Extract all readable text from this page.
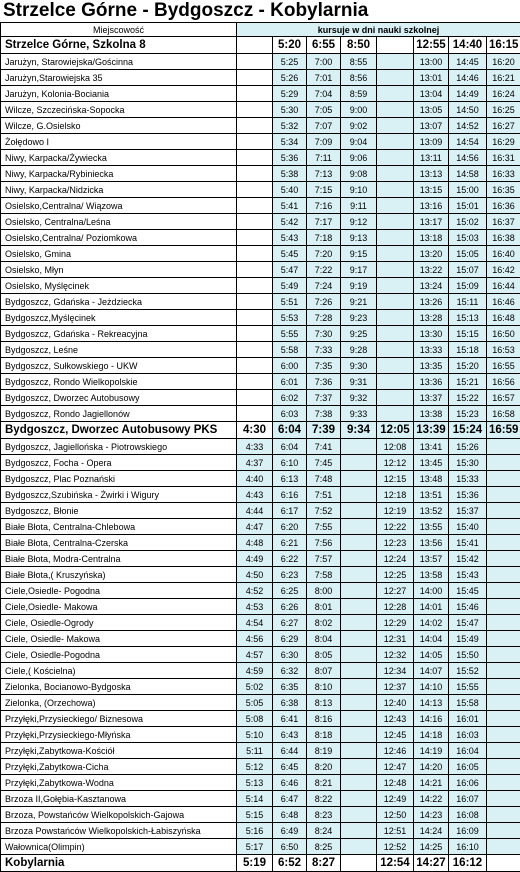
Strzelce Górne - Bydgoszcz - Kobylarnia
Miejscowość	kursuje w dni nauki szkolnej							
Strzelce Górne, Szkolna 8		5:20	6:55	8:50		12:55	14:40	16:15
Jarużyn, Starowiejska/Gościnna		5:25	7:00	8:55		13:00	14:45	16:20
Jarużyn,Starowiejska 35		5:26	7:01	8:56		13:01	14:46	16:21
Jarużyn, Kolonia-Bociania		5:29	7:04	8:59		13:04	14:49	16:24
Wilcze, Szczecińska-Sopocka		5:30	7:05	9:00		13:05	14:50	16:25
Wilcze, G.Osielsko		5:32	7:07	9:02		13:07	14:52	16:27
Żołędowo I		5:34	7:09	9:04		13:09	14:54	16:29
Niwy, Karpacka/Żywiecka		5:36	7:11	9:06		13:11	14:56	16:31
Niwy, Karpacka/Rybiniecka		5:38	7:13	9:08		13:13	14:58	16:33
Niwy, Karpacka/Nidzicka		5:40	7:15	9:10		13:15	15:00	16:35
Osielsko,Centralna/ Wiązowa		5:41	7:16	9:11		13:16	15:01	16:36
Osielsko, Centralna/Leśna		5:42	7:17	9:12		13:17	15:02	16:37
Osielsko,Centralna/ Poziomkowa		5:43	7:18	9:13		13:18	15:03	16:38
Osielsko, Gmina		5:45	7:20	9:15		13:20	15:05	16:40
Osielsko, Młyn		5:47	7:22	9:17		13:22	15:07	16:42
Osielsko, Myślęcinek		5:49	7:24	9:19		13:24	15:09	16:44
Bydgoszcz, Gdańska - Jeżdziecka		5:51	7:26	9:21		13:26	15:11	16:46
Bydgoszcz,Myślęcinek		5:53	7:28	9:23		13:28	15:13	16:48
Bydgoszcz, Gdańska - Rekreacyjna		5:55	7:30	9:25		13:30	15:15	16:50
Bydgoszcz, Leśne		5:58	7:33	9:28		13:33	15:18	16:53
Bydgoszcz, Sułkowskiego - UKW		6:00	7:35	9:30		13:35	15:20	16:55
Bydgoszcz, Rondo Wielkopolskie		6:01	7:36	9:31		13:36	15:21	16:56
Bydgoszcz, Dworzec Autobusowy		6:02	7:37	9:32		13:37	15:22	16:57
Bydgoszcz, Rondo Jagiellonów		6:03	7:38	9:33		13:38	15:23	16:58
Bydgoszcz, Dworzec Autobusowy PKS	4:30	6:04	7:39	9:34	12:05	13:39	15:24	16:59
Bydgoszcz, Jagiellońska - Piotrowskiego	4:33	6:04	7:41		12:08	13:41	15:26	
Bydgoszcz, Focha - Opera	4:37	6:10	7:45		12:12	13:45	15:30	
Bydgoszcz, Plac Poznański	4:40	6:13	7:48		12:15	13:48	15:33	
Bydgoszcz,Szubińska - Żwirki i Wigury	4:43	6:16	7:51		12:18	13:51	15:36	
Bydgoszcz, Błonie	4:44	6:17	7:52		12:19	13:52	15:37	
Białe Błota, Centralna-Chlebowa	4:47	6:20	7:55		12:22	13:55	15:40	
Białe Błota, Centralna-Czerska	4:48	6:21	7:56		12:23	13:56	15:41	
Białe Błota, Modra-Centralna	4:49	6:22	7:57		12:24	13:57	15:42	
Białe Błota,( Kruszyńska)	4:50	6:23	7:58		12:25	13:58	15:43	
Ciele,Osiedle- Pogodna	4:52	6:25	8:00		12:27	14:00	15:45	
Ciele,Osiedle- Makowa	4:53	6:26	8:01		12:28	14:01	15:46	
Ciele, Osiedle-Ogrody	4:54	6:27	8:02		12:29	14:02	15:47	
Ciele, Osiedle- Makowa	4:56	6:29	8:04		12:31	14:04	15:49	
Ciele, Osiedle-Pogodna	4:57	6:30	8:05		12:32	14:05	15:50	
Ciele,( Kościelna)	4:59	6:32	8:07		12:34	14:07	15:52	
Zielonka, Bocianowo-Bydgoska	5:02	6:35	8:10		12:37	14:10	15:55	
Zielonka, (Orzechowa)	5:05	6:38	8:13		12:40	14:13	15:58	
Przyłęki,Przysieckiego/ Biznesowa	5:08	6:41	8:16		12:43	14:16	16:01	
Przyłęki,Przysieckiego-Młyńska	5:10	6:43	8:18		12:45	14:18	16:03	
Przyłęki,Zabytkowa-Kościół	5:11	6:44	8:19		12:46	14:19	16:04	
Przyłęki,Zabytkowa-Cicha	5:12	6:45	8:20		12:47	14:20	16:05	
Przyłęki,Zabytkowa-Wodna	5:13	6:46	8:21		12:48	14:21	16:06	
Brzoza II,Gołębia-Kasztanowa	5:14	6:47	8:22		12:49	14:22	16:07	
Brzoza, Powstańców Wielkopolskich-Gajowa	5:15	6:48	8:23		12:50	14:23	16:08	
Brzoza Powstańców Wielkopolskich-Łabiszyńska	5:16	6:49	8:24		12:51	14:24	16:09	
Wałownica(Olimpin)	5:17	6:50	8:25		12:52	14:25	16:10	
Kobylarnia	5:19	6:52	8:27		12:54	14:27	16:12	
